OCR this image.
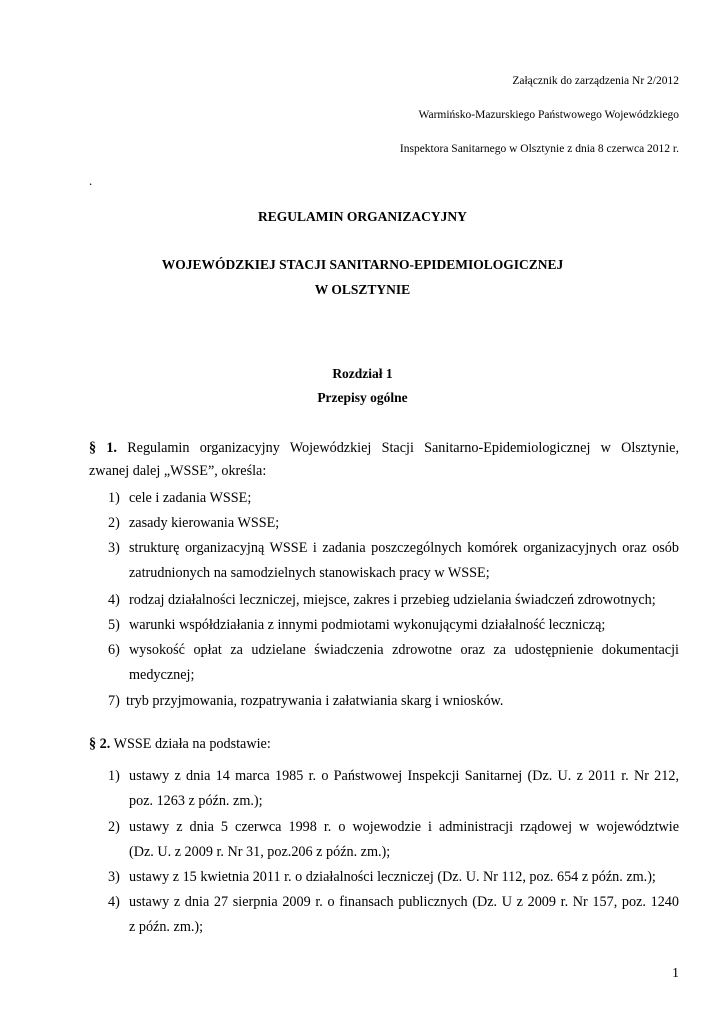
Załącznik do zarządzenia Nr 2/2012
Warmińsko-Mazurskiego Państwowego Wojewódzkiego
Inspektora Sanitarnego w Olsztynie z dnia 8 czerwca 2012 r.
.
REGULAMIN ORGANIZACYJNY
WOJEWÓDZKIEJ STACJI SANITARNO-EPIDEMIOLOGICZNEJ
W OLSZTYNIE
Rozdział 1
Przepisy ogólne
§ 1. Regulamin organizacyjny Wojewódzkiej Stacji Sanitarno-Epidemiologicznej w Olsztynie,
zwanej dalej „WSSE”, określa:
1) cele i zadania WSSE;
2) zasady kierowania WSSE;
3) strukturę organizacyjną WSSE i zadania poszczególnych komórek organizacyjnych oraz osób
zatrudnionych na samodzielnych stanowiskach pracy w WSSE;
4) rodzaj działalności leczniczej, miejsce, zakres i przebieg udzielania świadczeń zdrowotnych;
5) warunki współdziałania z innymi podmiotami wykonującymi działalność leczniczą;
6) wysokość opłat za udzielane świadczenia zdrowotne oraz za udostępnienie dokumentacji
medycznej;
7) tryb przyjmowania, rozpatrywania i załatwiania skarg i wniosków.
§ 2. WSSE działa na podstawie:
1) ustawy z dnia 14 marca 1985 r. o Państwowej Inspekcji Sanitarnej (Dz. U. z 2011 r. Nr 212,
poz. 1263 z późn. zm.);
2) ustawy z dnia 5 czerwca 1998 r. o wojewodzie i administracji rządowej w województwie
(Dz. U. z 2009 r. Nr 31, poz.206 z późn. zm.);
3) ustawy z 15 kwietnia 2011 r. o działalności leczniczej (Dz. U. Nr 112, poz. 654 z późn. zm.);
4) ustawy z dnia 27 sierpnia 2009 r. o finansach publicznych (Dz. U z 2009 r. Nr 157, poz. 1240
z późn. zm.);
1
